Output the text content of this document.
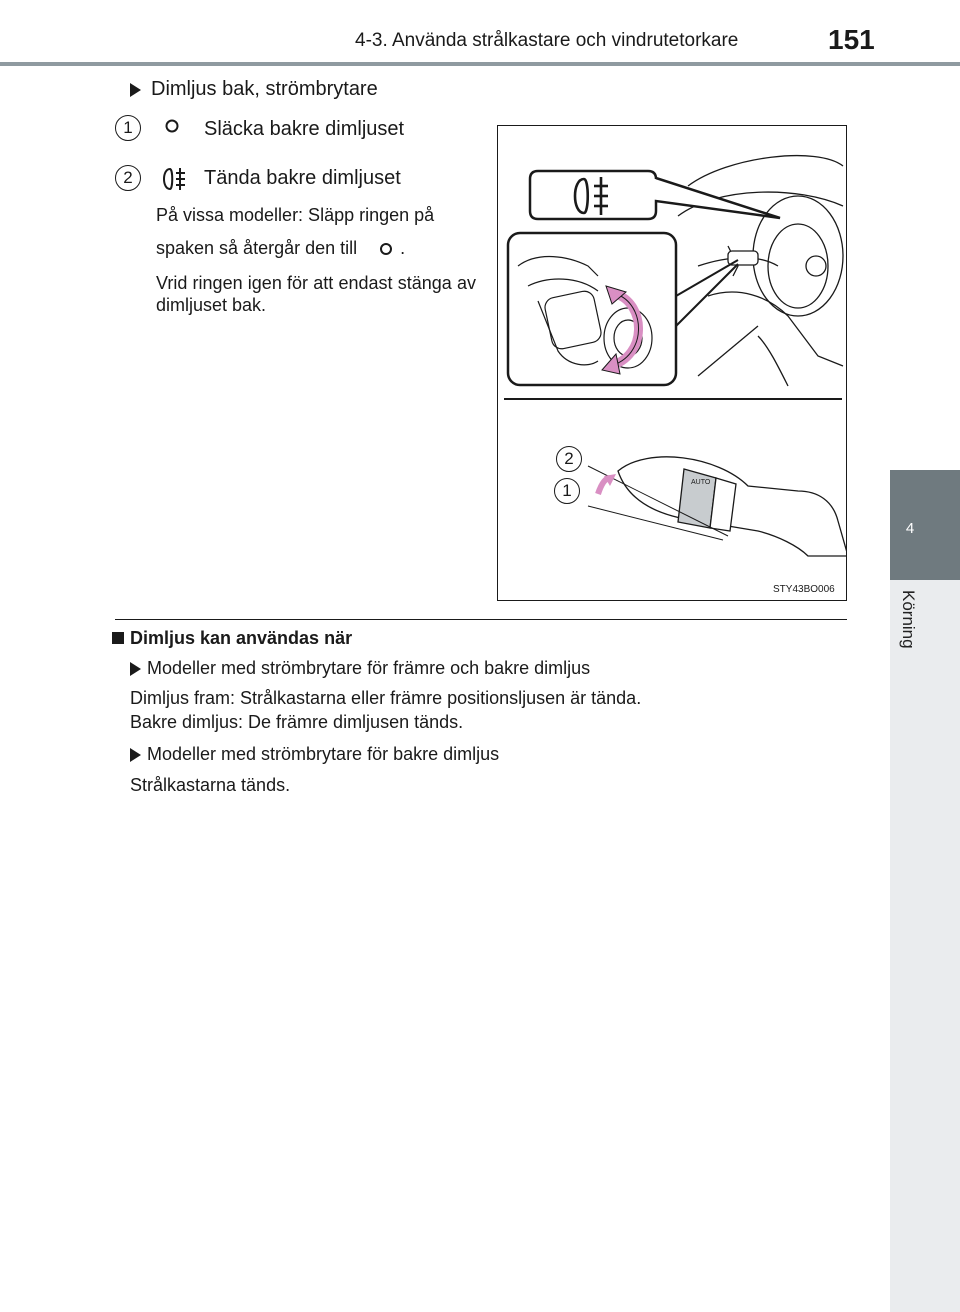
4-3. Använda strålkastare och vindrutetorkare	151
4
Körning
Dimljus bak, strömbrytare
1	Släcka bakre dimljuset
2	Tända bakre dimljuset
På vissa modeller: Släpp ringen på
spaken så återgår den till .
Vrid ringen igen för att endast stänga av dimljuset bak.
AUTO
2
1
STY43BO006
Dimljus kan användas när
Modeller med strömbrytare för främre och bakre dimljus
Dimljus fram: Strålkastarna eller främre positionsljusen är tända.
Bakre dimljus: De främre dimljusen tänds.
Modeller med strömbrytare för bakre dimljus
Strålkastarna tänds.
